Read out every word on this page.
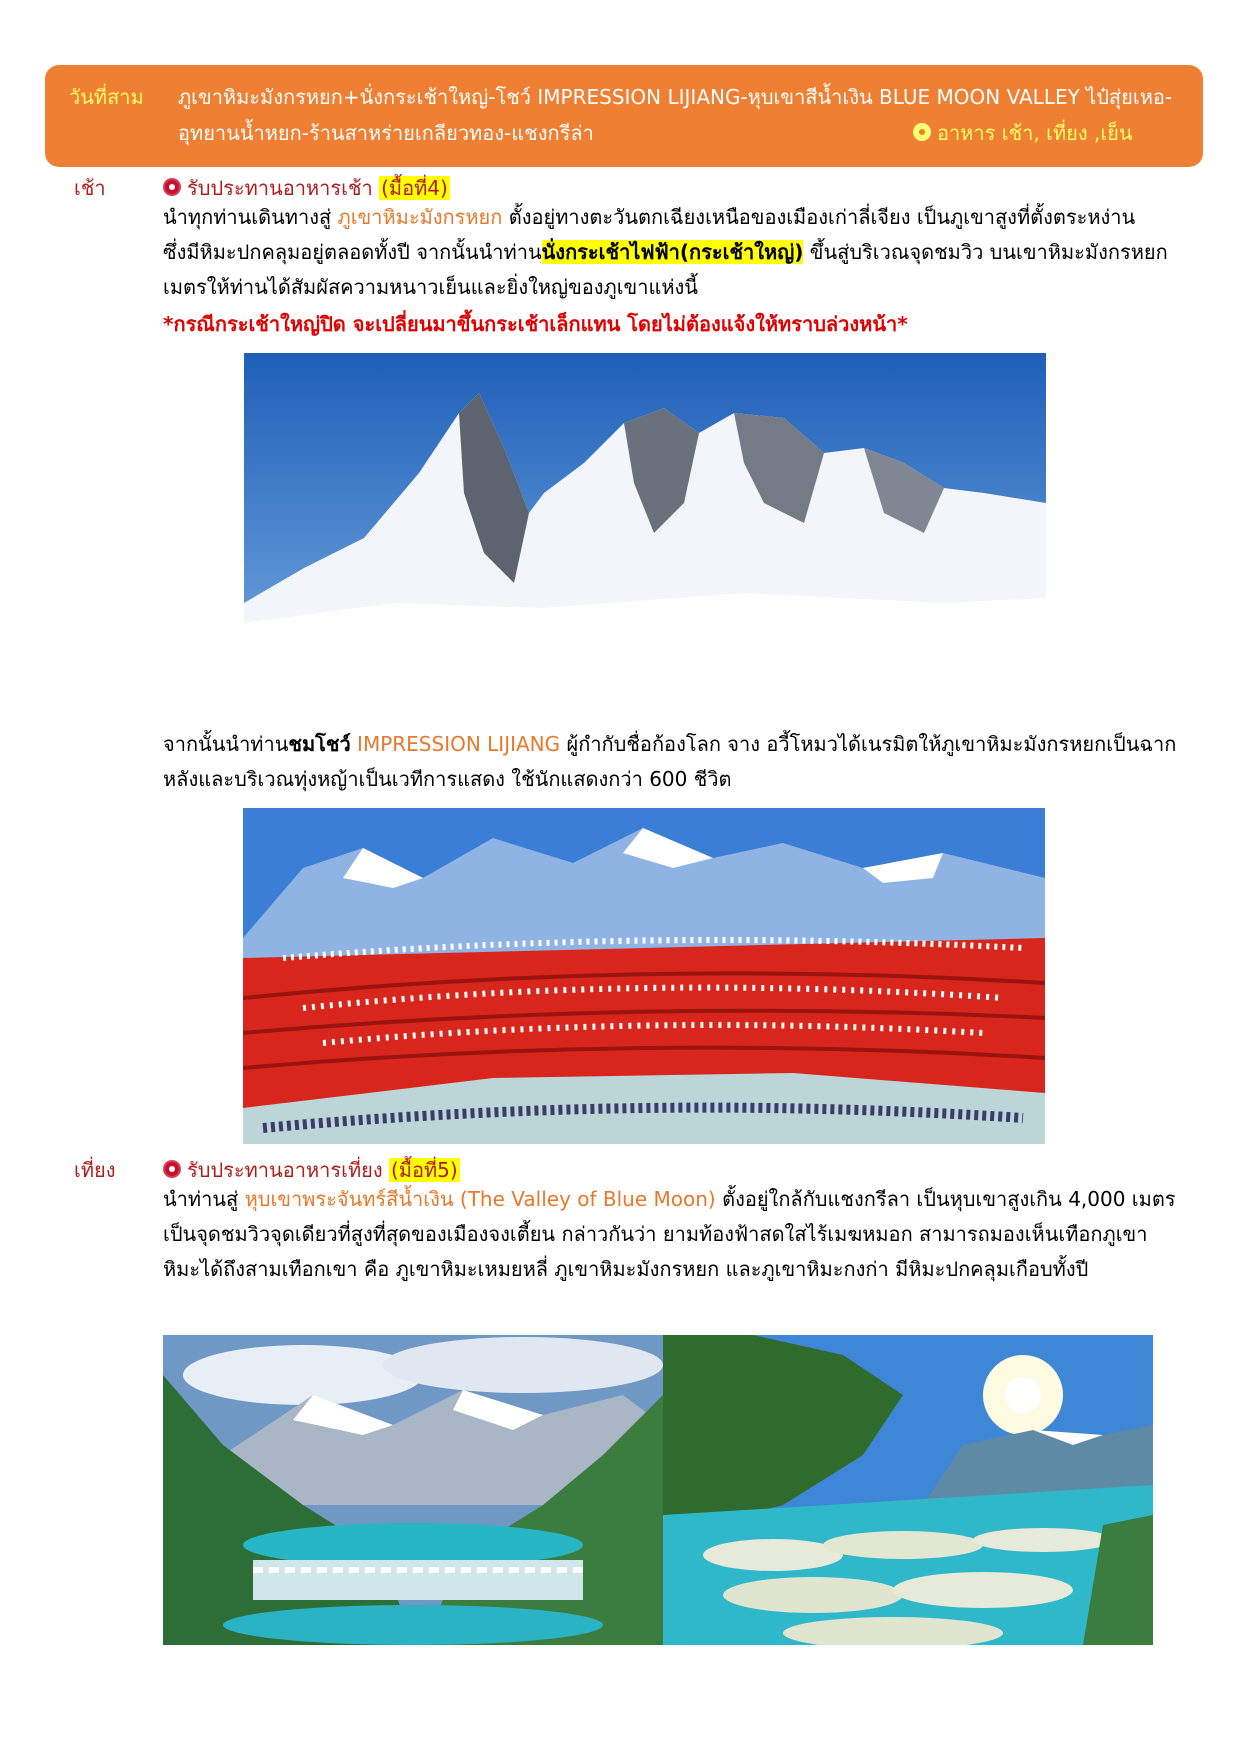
วันที่สาม ภูเขาหิมะมังกรหยก+นั่งกระเช้าใหญ่-โชว์ IMPRESSION LIJIANG-หุบเขาสีน้ำเงิน BLUE MOON VALLEY ไป๋สุ่ยเหอ-
อุทยานน้ำหยก-ร้านสาหร่ายเกลียวทอง-แชงกรีล่า	อาหาร เช้า, เที่ยง ,เย็น
เช้า	รับประทานอาหารเช้า (มื้อที่4)
นำทุกท่านเดินทางสู่ ภูเขาหิมะมังกรหยก ตั้งอยู่ทางตะวันตกเฉียงเหนือของเมืองเก่าลี่เจียง เป็นภูเขาสูงที่ตั้งตระหง่าน
ซึ่งมีหิมะปกคลุมอยู่ตลอดทั้งปี จากนั้นนำท่านนั่งกระเช้าไฟฟ้า(กระเช้าใหญ่) ขึ้นสู่บริเวณจุดชมวิว บนเขาหิมะมังกรหยก
เมตรให้ท่านได้สัมผัสความหนาวเย็นและยิ่งใหญ่ของภูเขาแห่งนี้
*กรณีกระเช้าใหญ่ปิด จะเปลี่ยนมาขึ้นกระเช้าเล็กแทน โดยไม่ต้องแจ้งให้ทราบล่วงหน้า*
จากนั้นนำท่านชมโชว์ IMPRESSION LIJIANG ผู้กำกับชื่อก้องโลก จาง อวี้โหมวได้เนรมิตให้ภูเขาหิมะมังกรหยกเป็นฉาก
หลังและบริเวณทุ่งหญ้าเป็นเวทีการแสดง ใช้นักแสดงกว่า 600 ชีวิต
เที่ยง	รับประทานอาหารเที่ยง (มื้อที่5)
นำท่านสู่ หุบเขาพระจันทร์สีน้ำเงิน (The Valley of Blue Moon) ตั้งอยู่ใกล้กับแชงกรีลา เป็นหุบเขาสูงเกิน 4,000 เมตร
เป็นจุดชมวิวจุดเดียวที่สูงที่สุดของเมืองจงเตี้ยน กล่าวกันว่า ยามท้องฟ้าสดใสไร้เมฆหมอก สามารถมองเห็นเทือกภูเขา
หิมะได้ถึงสามเทือกเขา คือ ภูเขาหิมะเหมยหลี่ ภูเขาหิมะมังกรหยก และภูเขาหิมะกงก่า มีหิมะปกคลุมเกือบทั้งปี
